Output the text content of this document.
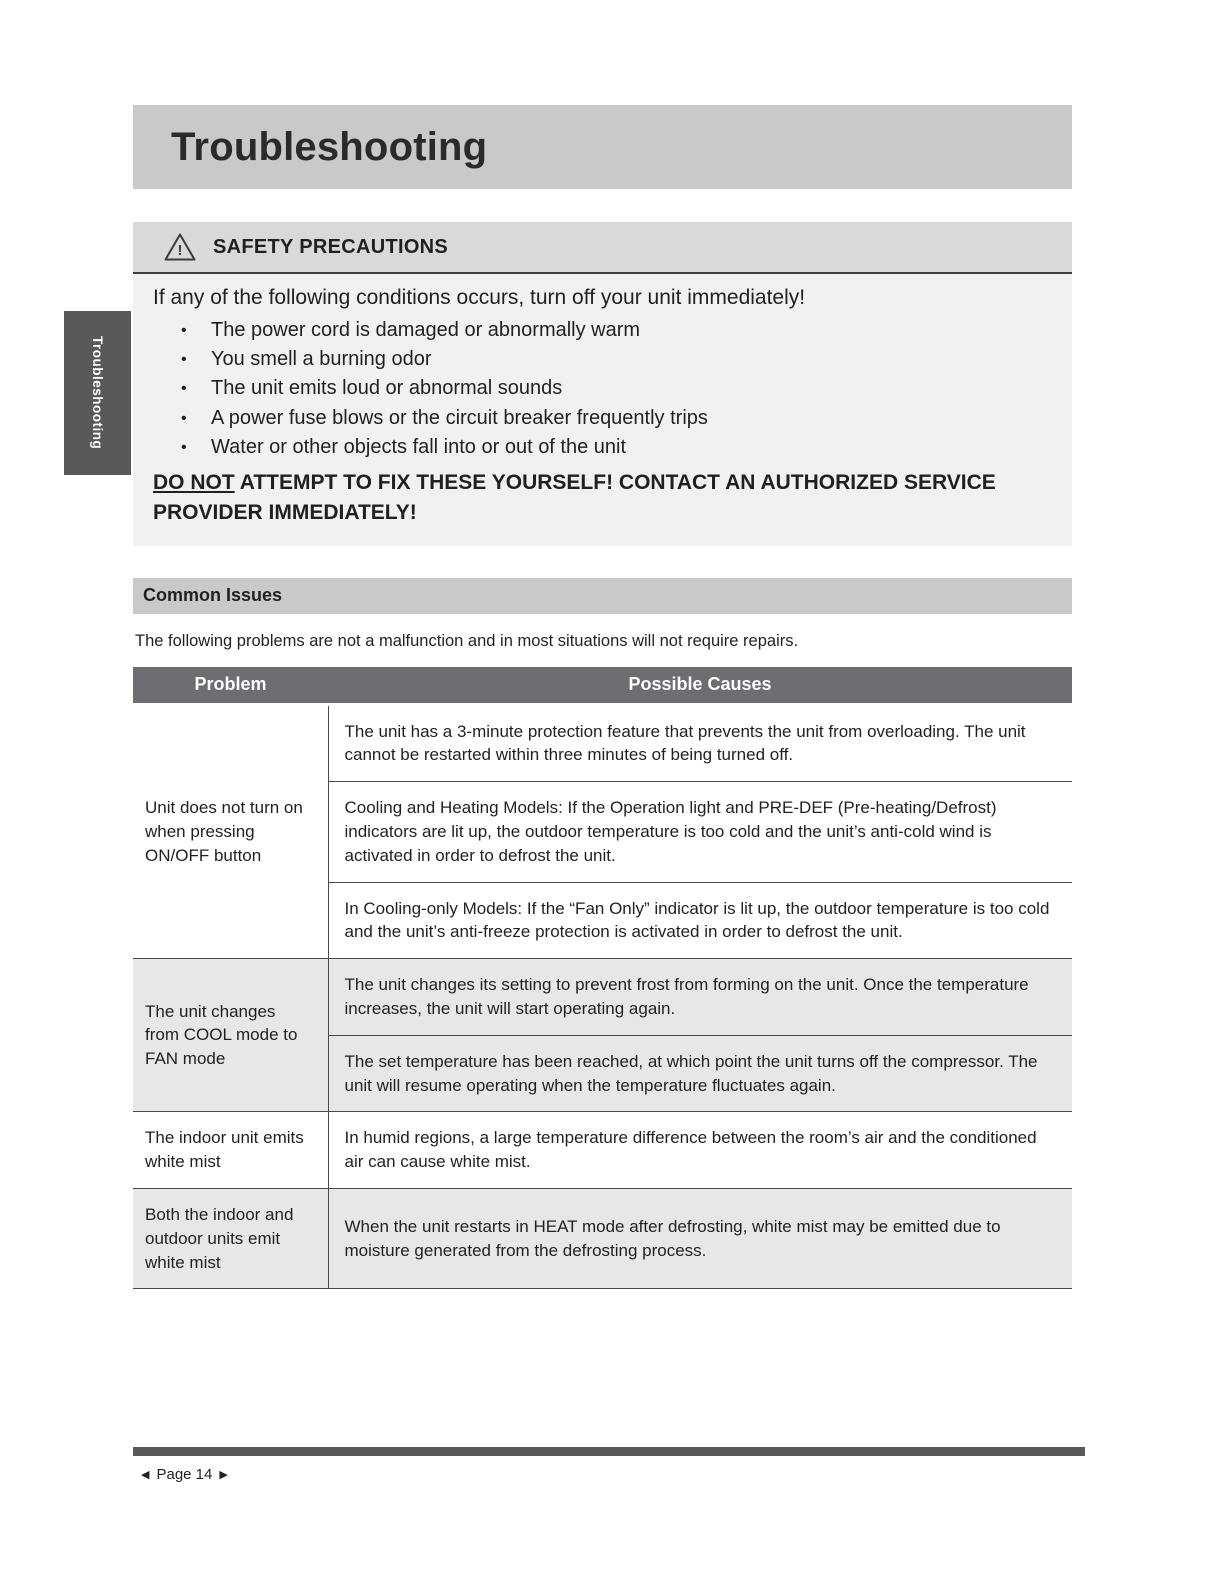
Troubleshooting
Troubleshooting
! SAFETY PRECAUTIONS

If any of the following conditions occurs, turn off your unit immediately!

• The power cord is damaged or abnormally warm
• You smell a burning odor
• The unit emits loud or abnormal sounds
• A power fuse blows or the circuit breaker frequently trips
• Water or other objects fall into or out of the unit

DO NOT ATTEMPT TO FIX THESE YOURSELF! CONTACT AN AUTHORIZED SERVICE PROVIDER IMMEDIATELY!

Common Issues

The following problems are not a malfunction and in most situations will not require repairs.

Problem	Possible Causes
Unit does not turn on when pressing ON/OFF button	The unit has a 3-minute protection feature that prevents the unit from overloading. The unit cannot be restarted within three minutes of being turned off.
	Cooling and Heating Models: If the Operation light and PRE-DEF (Pre-heating/Defrost) indicators are lit up, the outdoor temperature is too cold and the unit’s anti-cold wind is activated in order to defrost the unit.
	In Cooling-only Models: If the “Fan Only” indicator is lit up, the outdoor temperature is too cold and the unit’s anti-freeze protection is activated in order to defrost the unit.
The unit changes from COOL mode to FAN mode	The unit changes its setting to prevent frost from forming on the unit. Once the temperature increases, the unit will start operating again.
	The set temperature has been reached, at which point the unit turns off the compressor. The unit will resume operating when the temperature fluctuates again.
The indoor unit emits white mist	In humid regions, a large temperature difference between the room’s air and the conditioned air can cause white mist.
Both the indoor and outdoor units emit white mist	When the unit restarts in HEAT mode after defrosting, white mist may be emitted due to moisture generated from the defrosting process.
◀ Page 14 ▶
